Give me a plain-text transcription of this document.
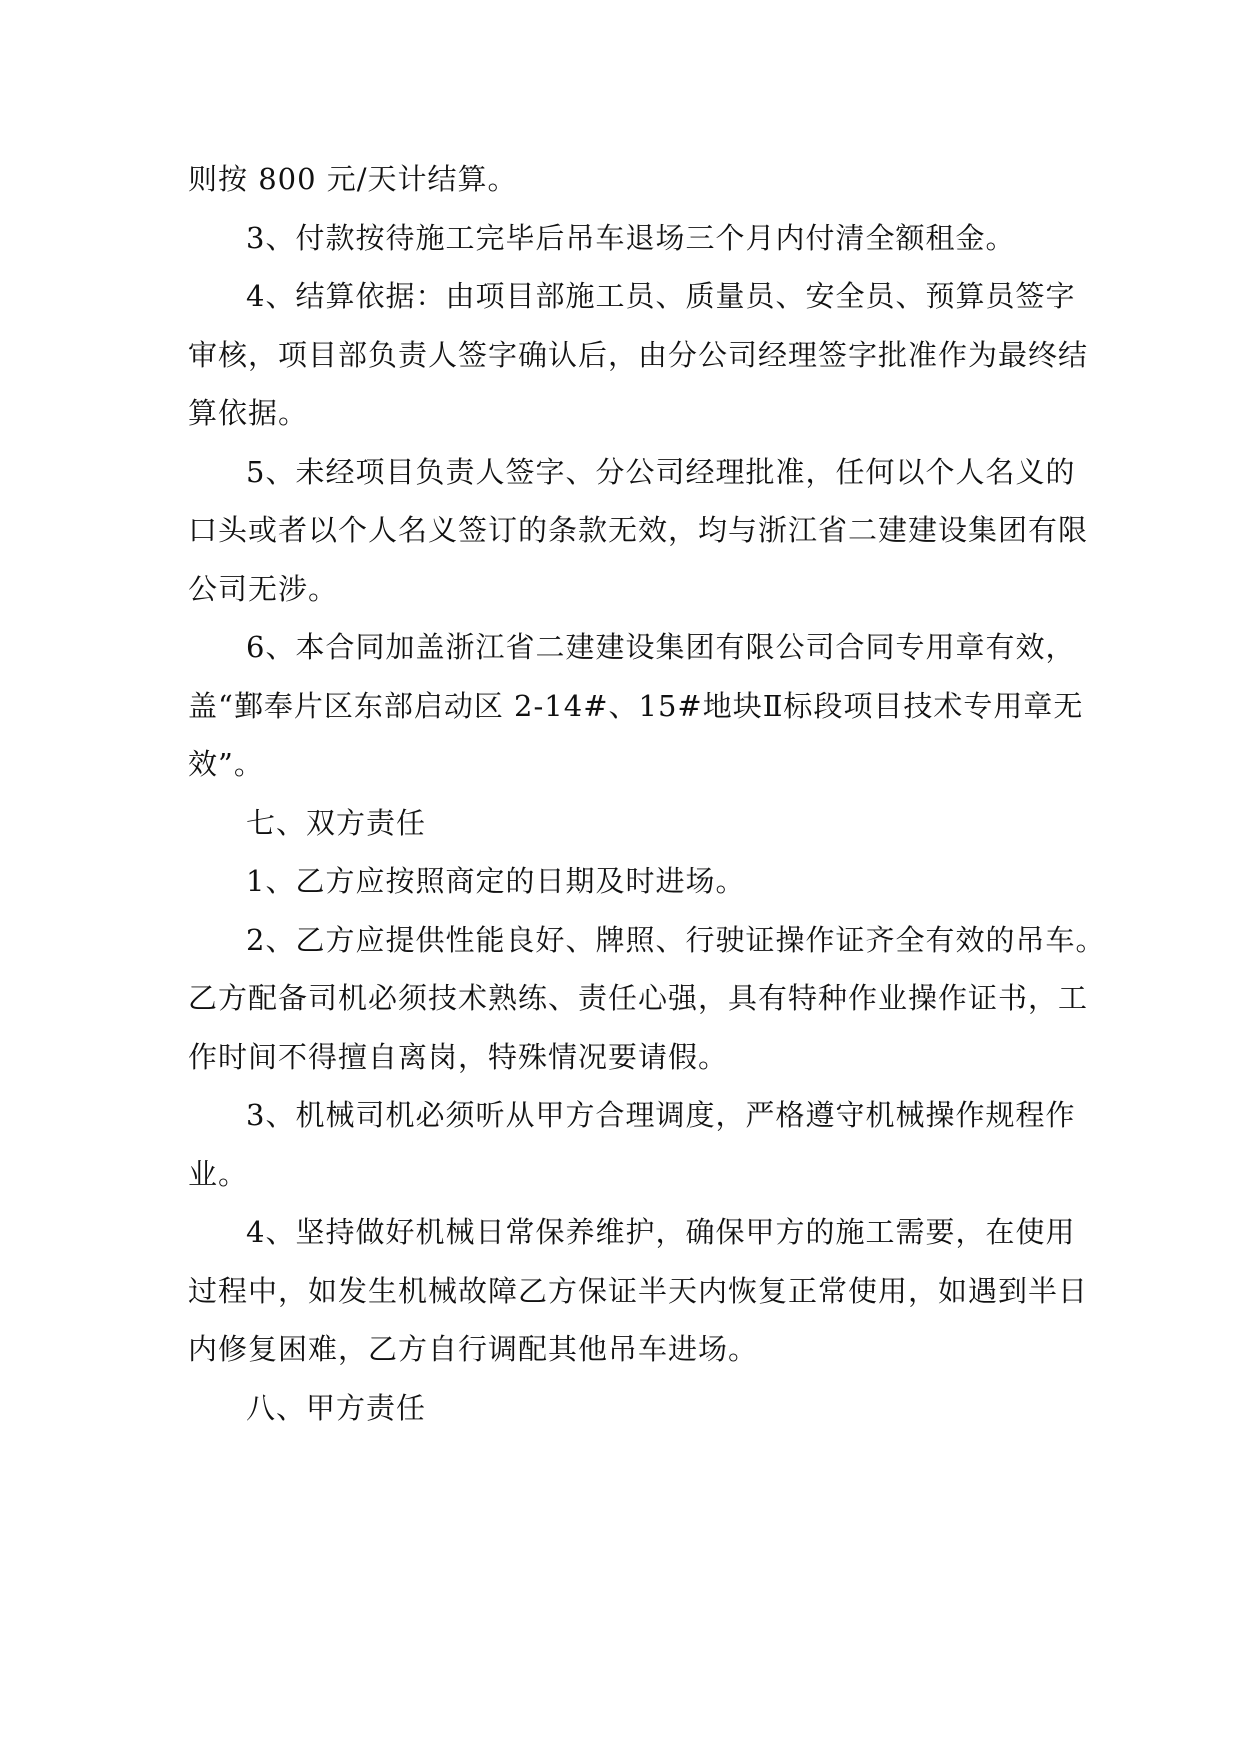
则按 800 元/天计结算。

3、付款按待施工完毕后吊车退场三个月内付清全额租金。

4、结算依据：由项目部施工员、质量员、安全员、预算员签字
审核，项目部负责人签字确认后，由分公司经理签字批准作为最终结
算依据。

5、未经项目负责人签字、分公司经理批准，任何以个人名义的
口头或者以个人名义签订的条款无效，均与浙江省二建建设集团有限
公司无涉。

6、本合同加盖浙江省二建建设集团有限公司合同专用章有效，
盖“鄞奉片区东部启动区 2-14#、15#地块Ⅱ标段项目技术专用章无
效”。

七、双方责任

1、乙方应按照商定的日期及时进场。

2、乙方应提供性能良好、牌照、行驶证操作证齐全有效的吊车。
乙方配备司机必须技术熟练、责任心强，具有特种作业操作证书，工
作时间不得擅自离岗，特殊情况要请假。

3、机械司机必须听从甲方合理调度，严格遵守机械操作规程作
业。

4、坚持做好机械日常保养维护，确保甲方的施工需要，在使用
过程中，如发生机械故障乙方保证半天内恢复正常使用，如遇到半日
内修复困难，乙方自行调配其他吊车进场。

八、甲方责任
